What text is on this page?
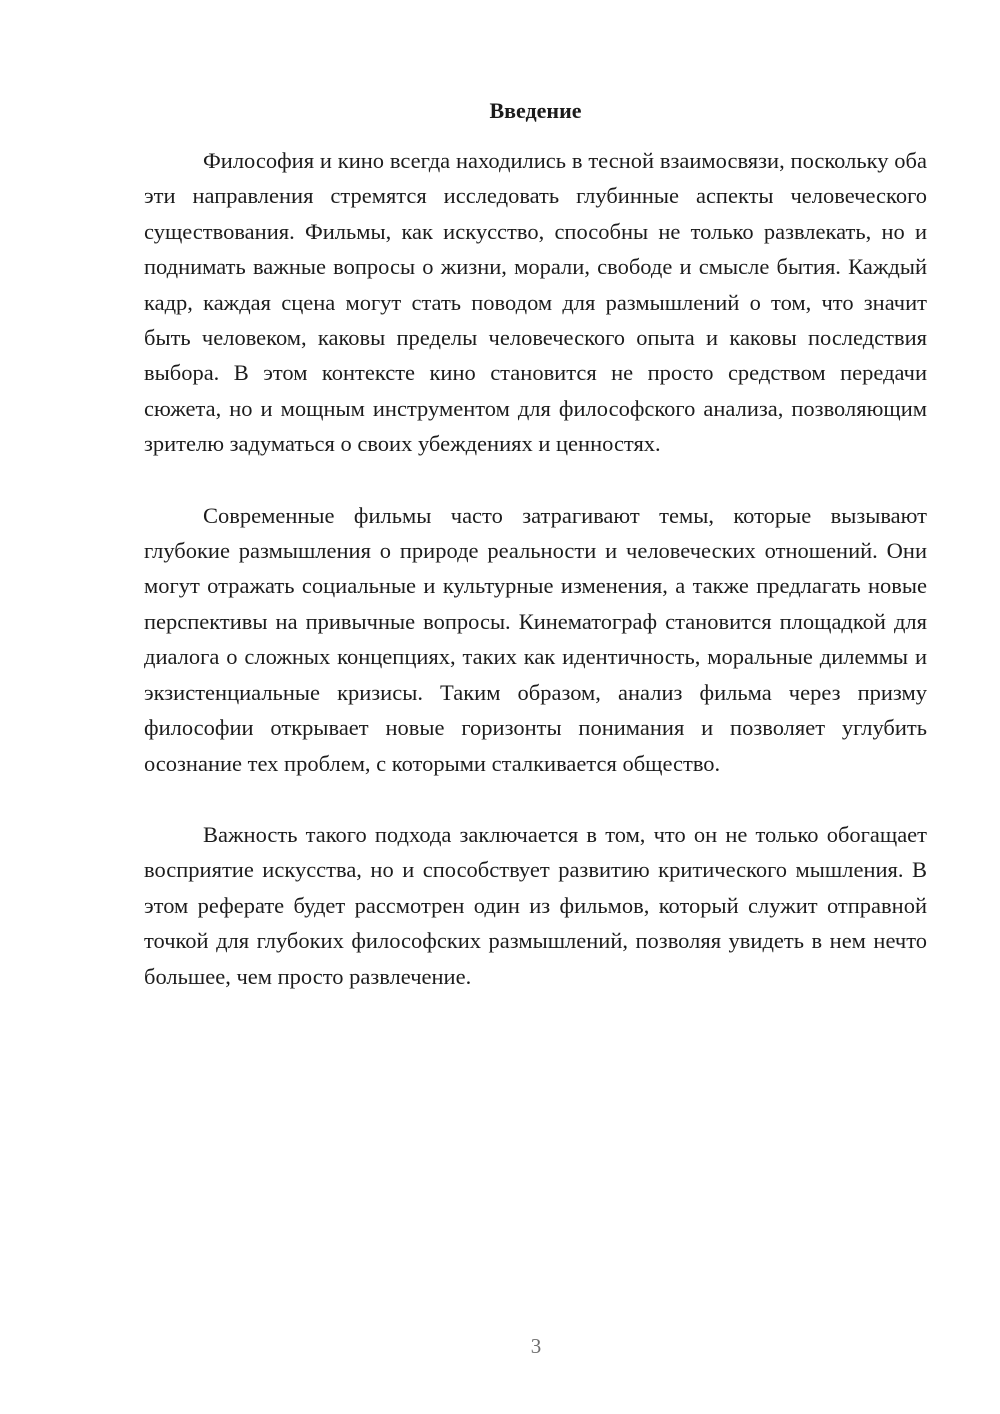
Введение

Философия и кино всегда находились в тесной взаимосвязи, поскольку оба эти направления стремятся исследовать глубинные аспекты человеческого существования. Фильмы, как искусство, способны не только развлекать, но и поднимать важные вопросы о жизни, морали, свободе и смысле бытия. Каждый кадр, каждая сцена могут стать поводом для размышлений о том, что значит быть человеком, каковы пределы человеческого опыта и каковы последствия выбора. В этом контексте кино становится не просто средством передачи сюжета, но и мощным инструментом для философского анализа, позволяющим зрителю задуматься о своих убеждениях и ценностях.

Современные фильмы часто затрагивают темы, которые вызывают глубокие размышления о природе реальности и человеческих отношений. Они могут отражать социальные и культурные изменения, а также предлагать новые перспективы на привычные вопросы. Кинематограф становится площадкой для диалога о сложных концепциях, таких как идентичность, моральные дилеммы и экзистенциальные кризисы. Таким образом, анализ фильма через призму философии открывает новые горизонты понимания и позволяет углубить осознание тех проблем, с которыми сталкивается общество.

Важность такого подхода заключается в том, что он не только обогащает восприятие искусства, но и способствует развитию критического мышления. В этом реферате будет рассмотрен один из фильмов, который служит отправной точкой для глубоких философских размышлений, позволяя увидеть в нем нечто большее, чем просто развлечение.

3
